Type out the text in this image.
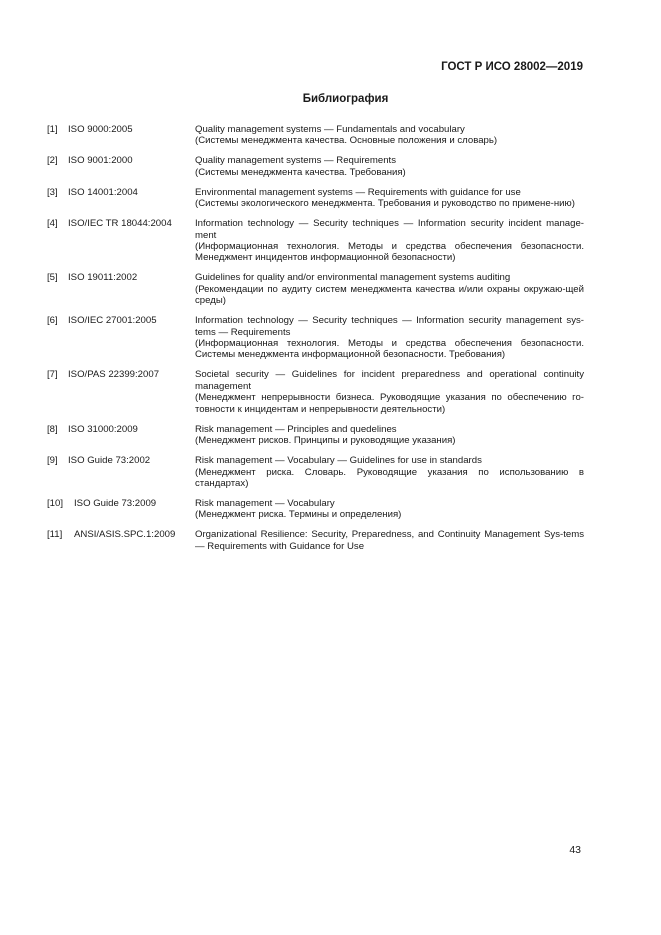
ГОСТ Р ИСО 28002—2019
Библиография
[1]	ISO 9000:2005	Quality management systems — Fundamentals and vocabulary
(Системы менеджмента качества. Основные положения и словарь)
[2]	ISO 9001:2000	Quality management systems — Requirements
(Системы менеджмента качества. Требования)
[3]	ISO 14001:2004	Environmental management systems — Requirements with guidance for use
(Системы экологического менеджмента. Требования и руководство по примене-нию)
[4]	ISO/IEC TR 18044:2004	Information technology — Security techniques — Information security incident manage-ment
(Информационная технология. Методы и средства обеспечения безопасности. Менеджмент инцидентов информационной безопасности)
[5]	ISO 19011:2002	Guidelines for quality and/or environmental management systems auditing
(Рекомендации по аудиту систем менеджмента качества и/или охраны окружаю-щей среды)
[6]	ISO/IEC 27001:2005	Information technology — Security techniques — Information security management sys-tems — Requirements
(Информационная технология. Методы и средства обеспечения безопасности. Системы менеджмента информационной безопасности. Требования)
[7]	ISO/PAS 22399:2007	Societal security — Guidelines for incident preparedness and operational continuity management
(Менеджмент непрерывности бизнеса. Руководящие указания по обеспечению го-товности к инцидентам и непрерывности деятельности)
[8]	ISO 31000:2009	Risk management — Principles and quedelines
(Менеджмент рисков. Принципы и руководящие указания)
[9]	ISO Guide 73:2002	Risk management — Vocabulary — Guidelines for use in standards
(Менеджмент риска. Словарь. Руководящие указания по использованию в стандартах)
[10]	ISO Guide 73:2009	Risk management — Vocabulary
(Менеджмент риска. Термины и определения)
[11]	ANSI/ASIS.SPC.1:2009	Organizational Resilience: Security, Preparedness, and Continuity Management Sys-tems — Requirements with Guidance for Use
43
